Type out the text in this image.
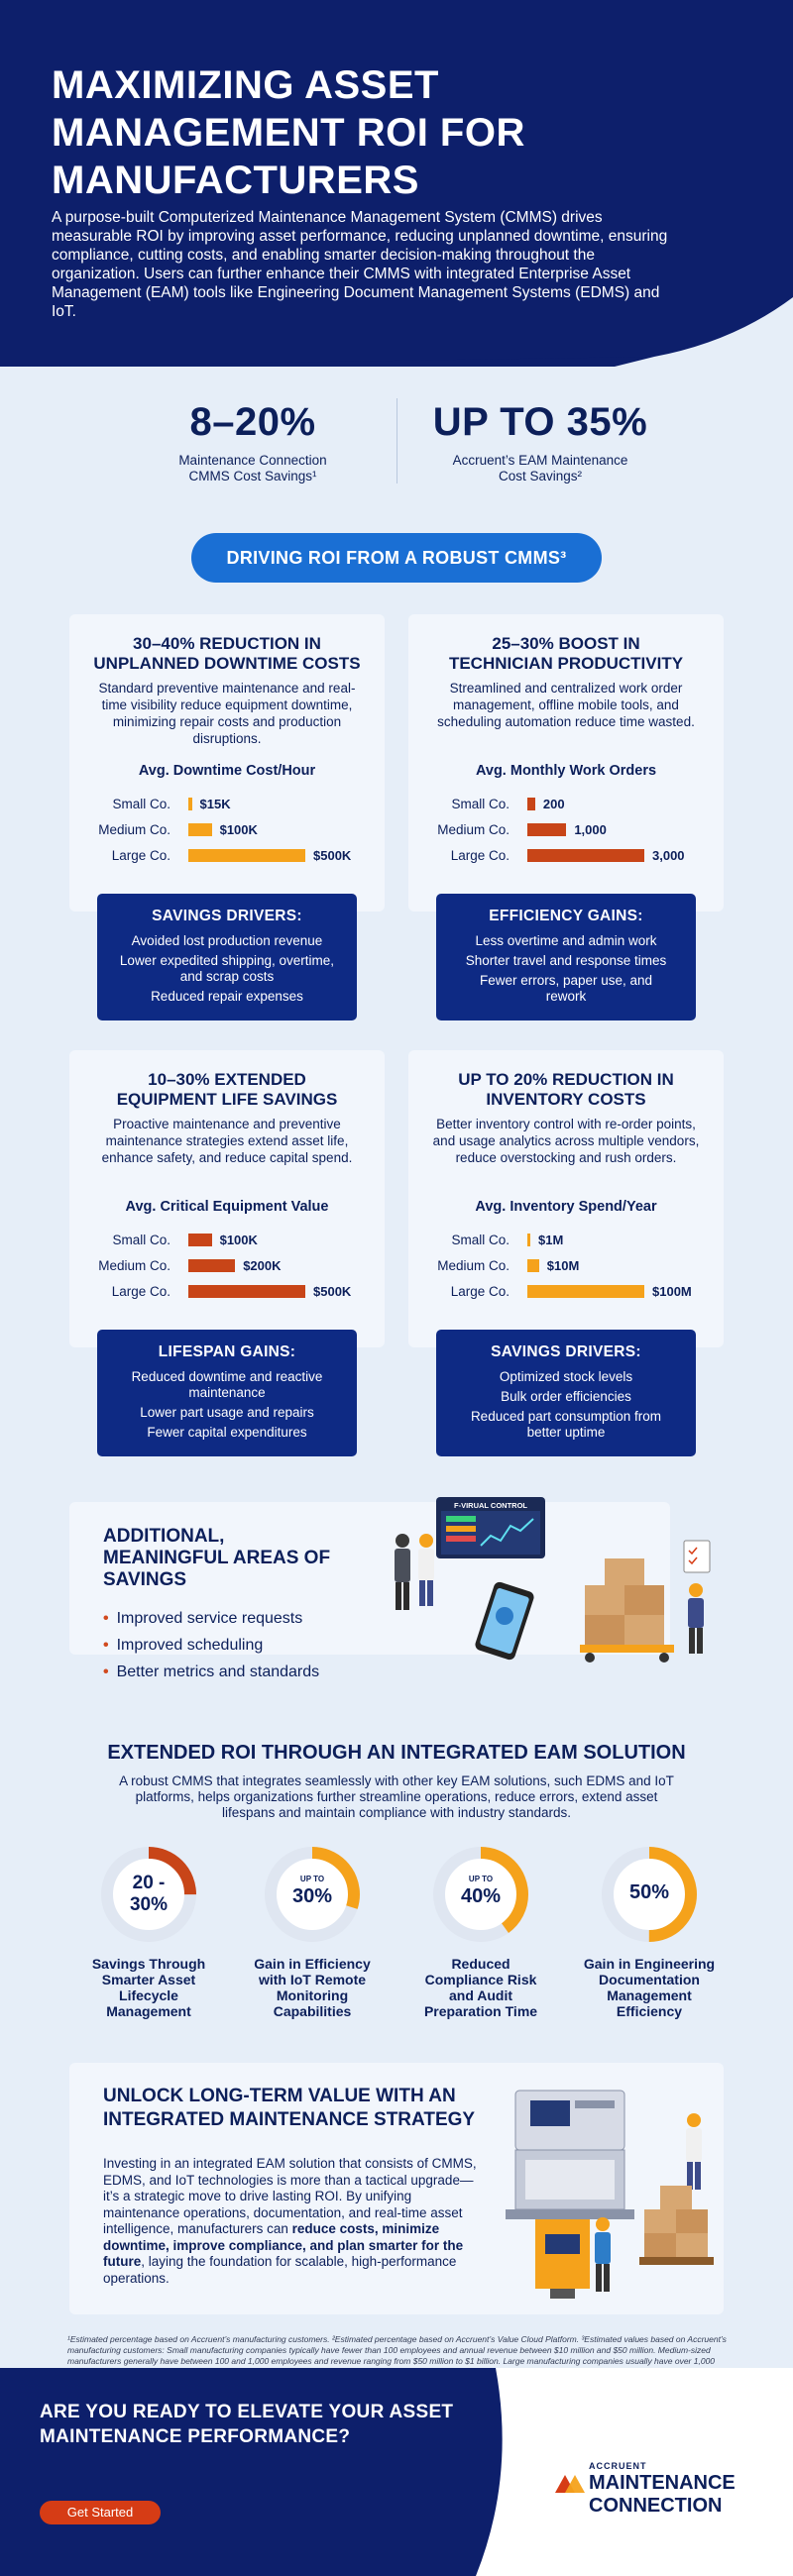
MAXIMIZING ASSET MANAGEMENT ROI FOR MANUFACTURERS
A purpose-built Computerized Maintenance Management System (CMMS) drives measurable ROI by improving asset performance, reducing unplanned downtime, ensuring compliance, cutting costs, and enabling smarter decision-making throughout the organization. Users can further enhance their CMMS with integrated Enterprise Asset Management (EAM) tools like Engineering Document Management Systems (EDMS) and IoT.
8–20%
Maintenance Connection
CMMS Cost Savings¹
UP TO 35%
Accruent’s EAM Maintenance
Cost Savings²
DRIVING ROI FROM A ROBUST CMMS³
30–40% REDUCTION IN
UNPLANNED DOWNTIME COSTS
Standard preventive maintenance and real-time visibility reduce equipment downtime, minimizing repair costs and production disruptions.
Avg. Downtime Cost/Hour
Small Co. $15K
Medium Co.	$100K
Large Co.	$500K
SAVINGS DRIVERS:
Avoided lost production revenue
Lower expedited shipping, overtime, and scrap costs
Reduced repair expenses
25–30% BOOST IN
TECHNICIAN PRODUCTIVITY
Streamlined and centralized work order management, offline mobile tools, and scheduling automation reduce time wasted.
Avg. Monthly Work Orders
Small Co.	200
Medium Co.	1,000
Large Co.	3,000
EFFICIENCY GAINS:
Less overtime and admin work
Shorter travel and response times
Fewer errors, paper use, and rework
10–30% EXTENDED
EQUIPMENT LIFE SAVINGS
Proactive maintenance and preventive maintenance strategies extend asset life, enhance safety, and reduce capital spend.
Avg. Critical Equipment Value
Small Co.	$100K
Medium Co.	$200K
Large Co.	$500K
LIFESPAN GAINS:
Reduced downtime and reactive maintenance
Lower part usage and repairs
Fewer capital expenditures
UP TO 20% REDUCTION IN
INVENTORY COSTS
Better inventory control with re-order points, and usage analytics across multiple vendors, reduce overstocking and rush orders.
Avg. Inventory Spend/Year
Small Co. $1M
Medium Co.	$10M
Large Co.	$100M
SAVINGS DRIVERS:
Optimized stock levels
Bulk order efficiencies
Reduced part consumption from better uptime
ADDITIONAL, MEANINGFUL AREAS OF SAVINGS
• Improved service requests
• Improved scheduling
• Better metrics and standards
F-VIRUAL CONTROL
EXTENDED ROI THROUGH AN INTEGRATED EAM SOLUTION
A robust CMMS that integrates seamlessly with other key EAM solutions, such EDMS and IoT platforms, helps organizations further streamline operations, reduce errors, extend asset lifespans and maintain compliance with industry standards.
20 - 30%
Savings Through Smarter Asset Lifecycle Management
UP TO
30%
Gain in Efficiency with IoT Remote Monitoring Capabilities
UP TO
40%
Reduced Compliance Risk and Audit Preparation Time
50%
Gain in Engineering Documentation Management Efficiency
UNLOCK LONG-TERM VALUE WITH AN INTEGRATED MAINTENANCE STRATEGY
Investing in an integrated EAM solution that consists of CMMS, EDMS, and IoT technologies is more than a tactical upgrade—it’s a strategic move to drive lasting ROI. By unifying maintenance operations, documentation, and real-time asset intelligence, manufacturers can reduce costs, minimize downtime, improve compliance, and plan smarter for the future, laying the foundation for scalable, high-performance operations.
¹Estimated percentage based on Accruent’s manufacturing customers. ²Estimated percentage based on Accruent’s Value Cloud Platform. ³Estimated values based on Accruent’s manufacturing customers: Small manufacturing companies typically have fewer than 100 employees and annual revenue between $10 million and $50 million. Medium-sized manufacturers generally have between 100 and 1,000 employees and revenue ranging from $50 million to $1 billion. Large manufacturing companies usually have over 1,000
ARE YOU READY TO ELEVATE YOUR ASSET MAINTENANCE PERFORMANCE?
Get Started
ACCRUENT
MAINTENANCE
CONNECTION
